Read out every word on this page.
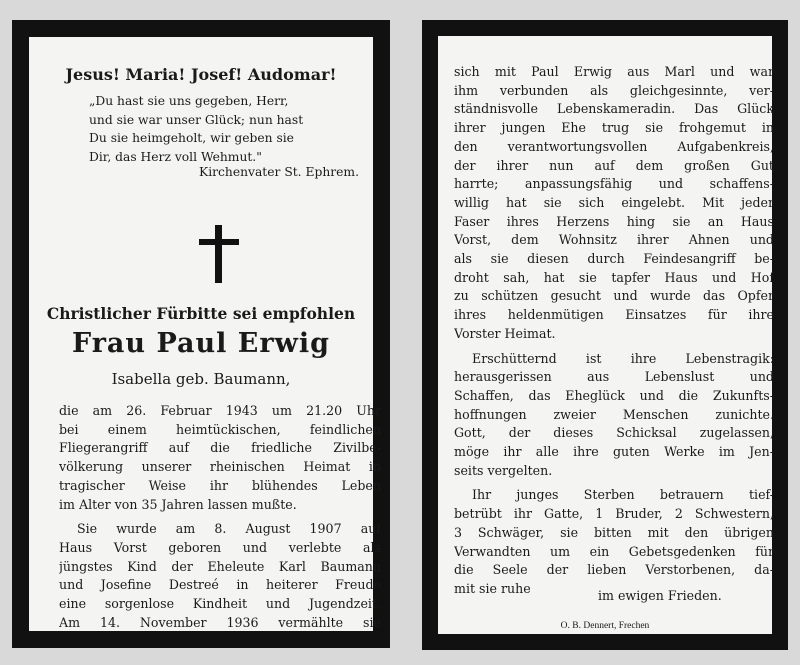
Jesus! Maria! Josef! Audomar!
„Du hast sie uns gegeben, Herr,
und sie war unser Glück; nun hast
Du sie heimgeholt, wir geben sie
Dir, das Herz voll Wehmut."
Kirchenvater St. Ephrem.
Christlicher Fürbitte sei empfohlen
Frau Paul Erwig
Isabella geb. Baumann,
die am 26. Februar 1943 um 21.20 Uhr
bei einem heimtückischen, feindlichen
Fliegerangriff auf die friedliche Zivilbe-
völkerung unserer rheinischen Heimat in
tragischer Weise ihr blühendes Leben
im Alter von 35 Jahren lassen mußte.
Sie wurde am 8. August 1907 auf
Haus Vorst geboren und verlebte als
jüngstes Kind der Eheleute Karl Baumann
und Josefine Destreé in heiterer Freude
eine sorgenlose Kindheit und Jugendzeit.
Am 14. November 1936 vermählte sie
sich mit Paul Erwig aus Marl und war
ihm verbunden als gleichgesinnte, ver-
ständnisvolle Lebenskameradin. Das Glück
ihrer jungen Ehe trug sie frohgemut in
den verantwortungsvollen Aufgabenkreis,
der ihrer nun auf dem großen Gut
harrte; anpassungsfähig und schaffens-
willig hat sie sich eingelebt. Mit jeder
Faser ihres Herzens hing sie an Haus
Vorst, dem Wohnsitz ihrer Ahnen und
als sie diesen durch Feindesangriff be-
droht sah, hat sie tapfer Haus und Hof
zu schützen gesucht und wurde das Opfer
ihres heldenmütigen Einsatzes für ihre
Vorster Heimat.
Erschütternd ist ihre Lebenstragik:
herausgerissen aus Lebenslust und
Schaffen, das Eheglück und die Zukunfts-
hoffnungen zweier Menschen zunichte.
Gott, der dieses Schicksal zugelassen,
möge ihr alle ihre guten Werke im Jen-
seits vergelten.
Ihr junges Sterben betrauern tief-
betrübt ihr Gatte, 1 Bruder, 2 Schwestern,
3 Schwäger, sie bitten mit den übrigen
Verwandten um ein Gebetsgedenken für
die Seele der lieben Verstorbenen, da-
mit sie ruhe	im ewigen Frieden.
O. B. Dennert, Frechen
